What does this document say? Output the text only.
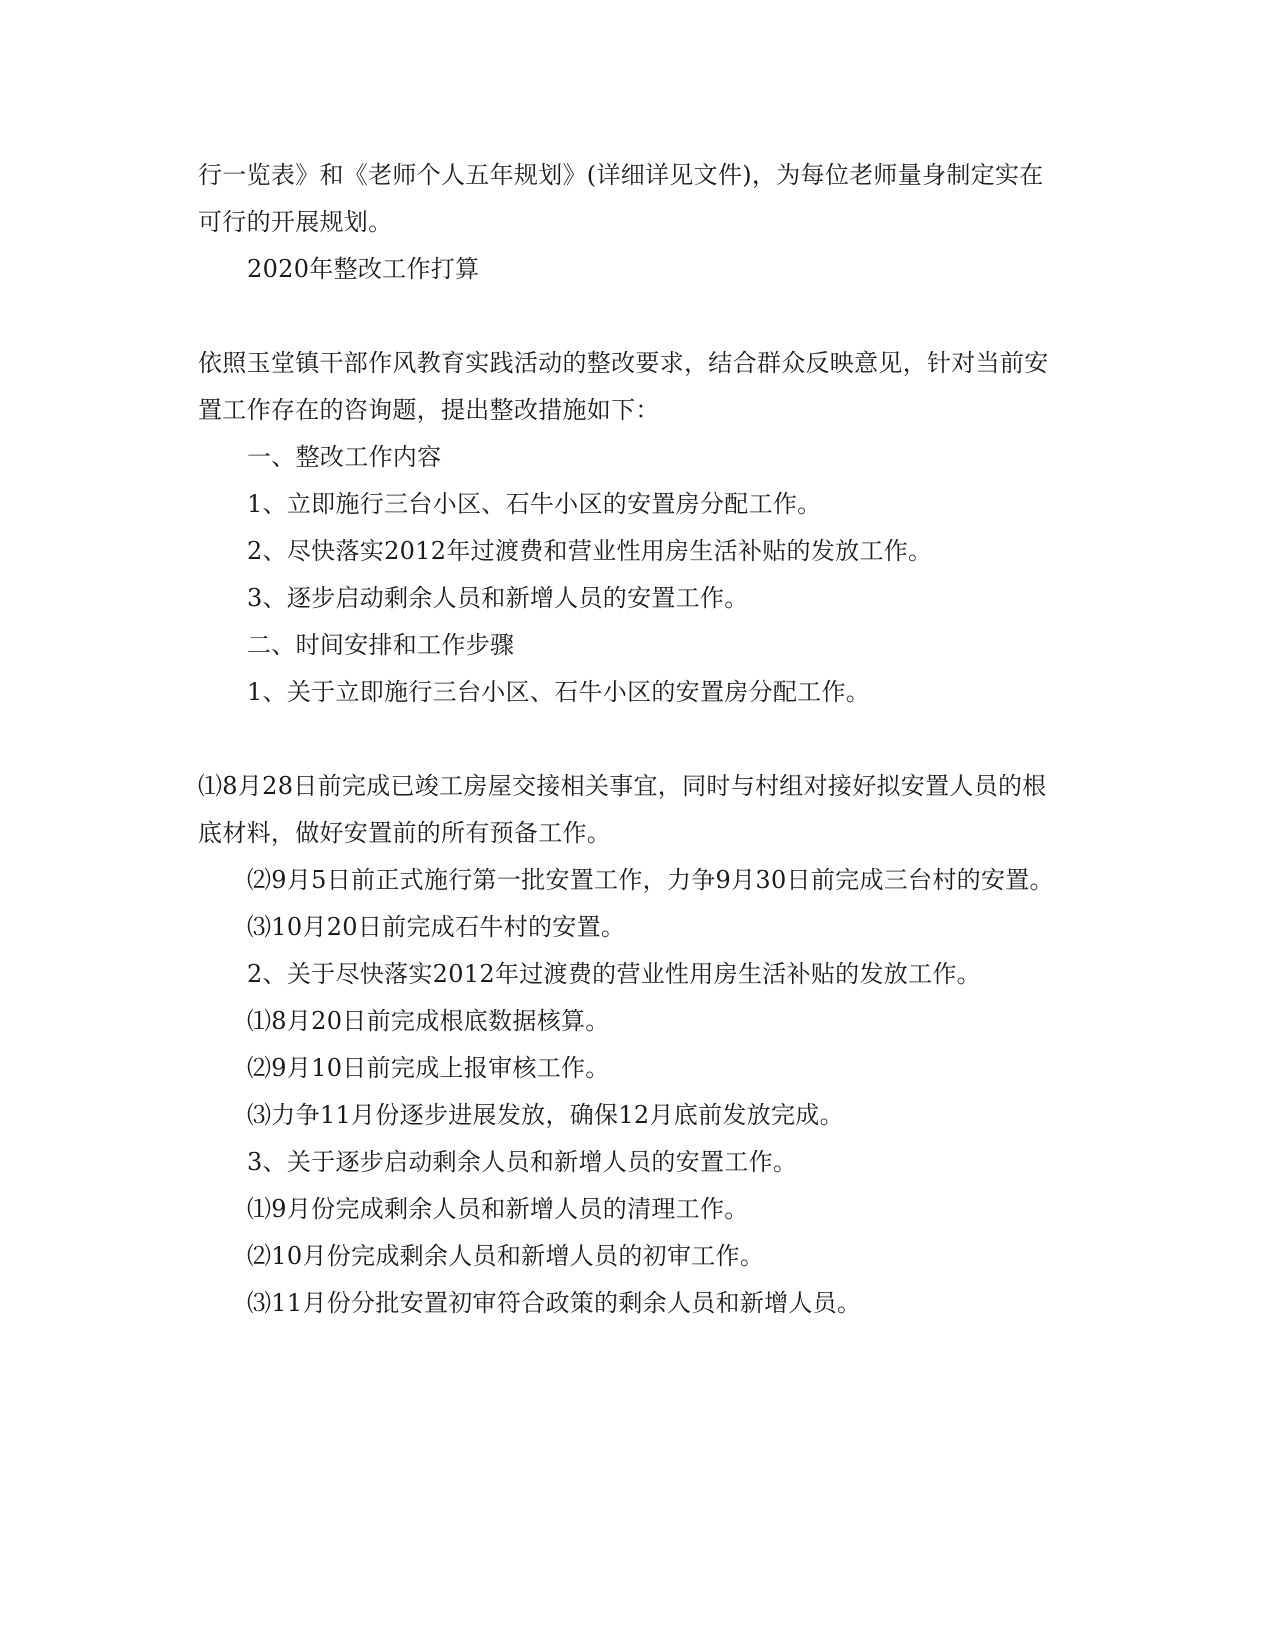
行一览表》和《老师个人五年规划》(详细详见文件)，为每位老师量身制定实在
可行的开展规划。
2020年整改工作打算
依照玉堂镇干部作风教育实践活动的整改要求，结合群众反映意见，针对当前安
置工作存在的咨询题，提出整改措施如下：
一、整改工作内容
1、立即施行三台小区、石牛小区的安置房分配工作。
2、尽快落实2012年过渡费和营业性用房生活补贴的发放工作。
3、逐步启动剩余人员和新增人员的安置工作。
二、时间安排和工作步骤
1、关于立即施行三台小区、石牛小区的安置房分配工作。
⑴8月28日前完成已竣工房屋交接相关事宜，同时与村组对接好拟安置人员的根
底材料，做好安置前的所有预备工作。
⑵9月5日前正式施行第一批安置工作，力争9月30日前完成三台村的安置。
⑶10月20日前完成石牛村的安置。
2、关于尽快落实2012年过渡费的营业性用房生活补贴的发放工作。
⑴8月20日前完成根底数据核算。
⑵9月10日前完成上报审核工作。
⑶力争11月份逐步进展发放，确保12月底前发放完成。
3、关于逐步启动剩余人员和新增人员的安置工作。
⑴9月份完成剩余人员和新增人员的清理工作。
⑵10月份完成剩余人员和新增人员的初审工作。
⑶11月份分批安置初审符合政策的剩余人员和新增人员。
